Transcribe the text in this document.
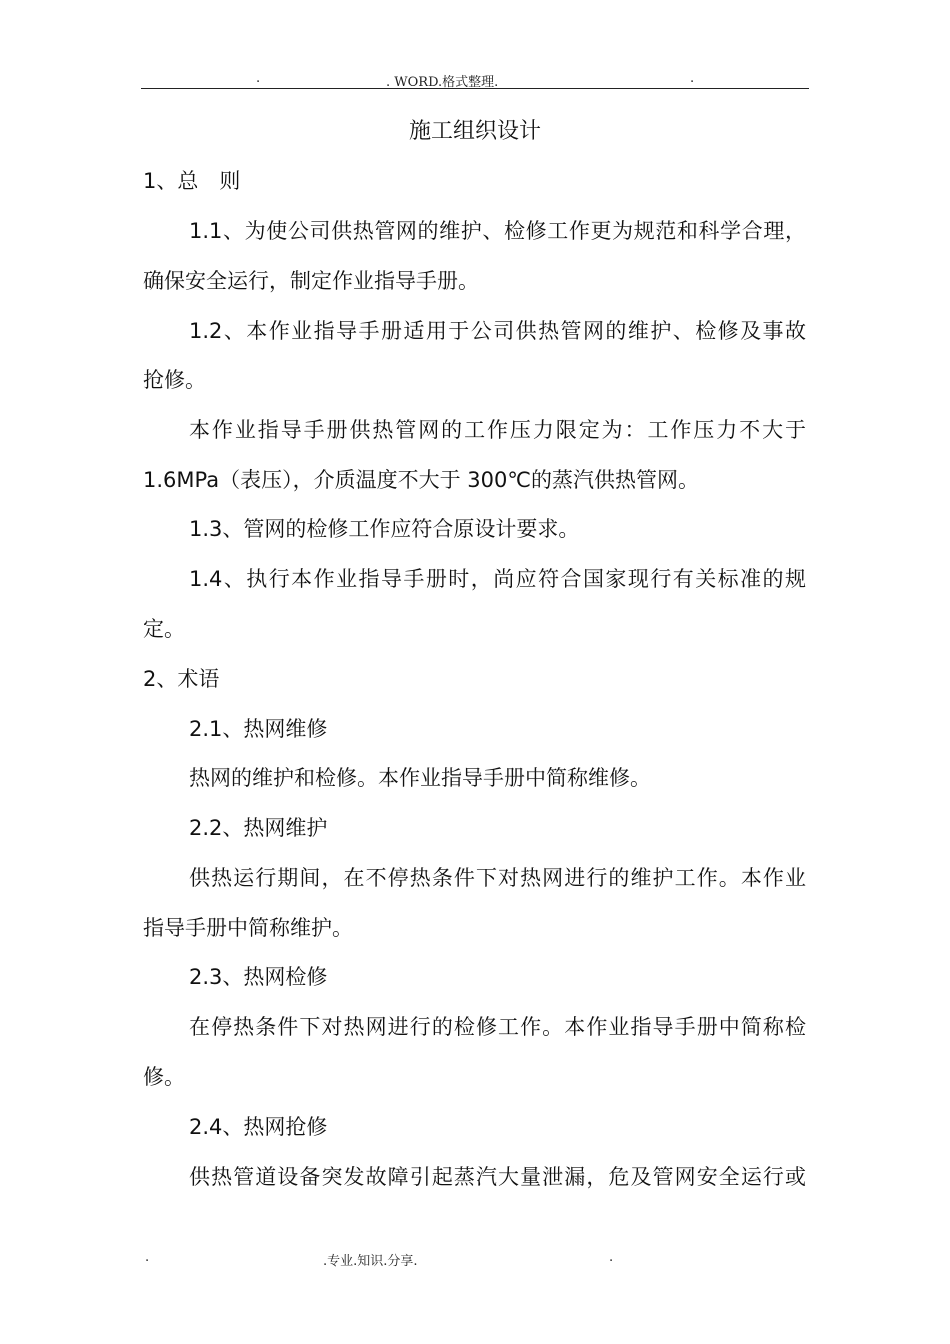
.	. WORD.格式整理.	.
施工组织设计
1、总　则
1.1、为使公司供热管网的维护、检修工作更为规范和科学合理，
确保安全运行，制定作业指导手册。
1.2、本作业指导手册适用于公司供热管网的维护、检修及事故
抢修。
本作业指导手册供热管网的工作压力限定为：工作压力不大于
1.6MPa（表压），介质温度不大于 300℃的蒸汽供热管网。
1.3、管网的检修工作应符合原设计要求。
1.4、执行本作业指导手册时，尚应符合国家现行有关标准的规
定。
2、术语
2.1、热网维修
热网的维护和检修。本作业指导手册中简称维修。
2.2、热网维护
供热运行期间，在不停热条件下对热网进行的维护工作。本作业
指导手册中简称维护。
2.3、热网检修
在停热条件下对热网进行的检修工作。本作业指导手册中简称检
修。
2.4、热网抢修
供热管道设备突发故障引起蒸汽大量泄漏，危及管网安全运行或
.	.专业.知识.分享.	.
